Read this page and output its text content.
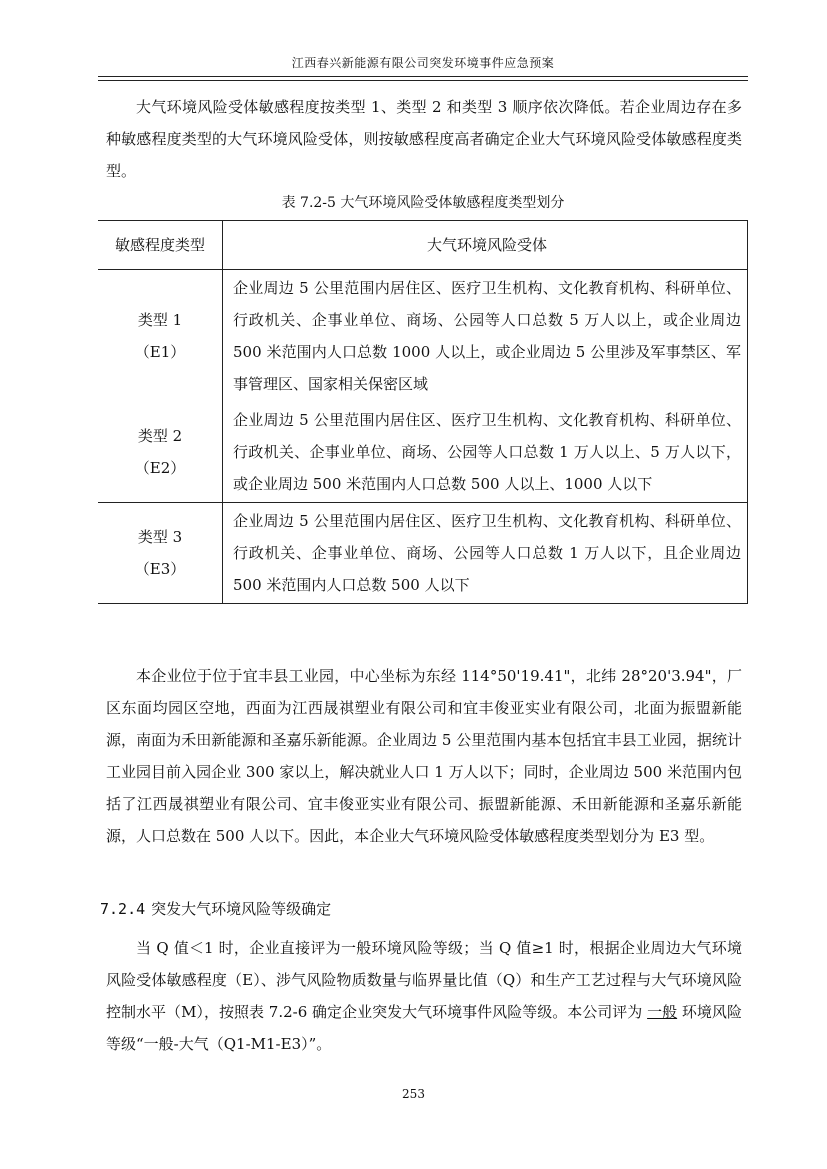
江西春兴新能源有限公司突发环境事件应急预案

大气环境风险受体敏感程度按类型 1、类型 2 和类型 3 顺序依次降低。若企业周边存在多种敏感程度类型的大气环境风险受体，则按敏感程度高者确定企业大气环境风险受体敏感程度类型。

表 7.2-5 大气环境风险受体敏感程度类型划分
敏感程度类型	大气环境风险受体

类型 1
（E1）	企业周边 5 公里范围内居住区、医疗卫生机构、文化教育机构、科研单位、行政机关、企事业单位、商场、公园等人口总数 5 万人以上，或企业周边 500 米范围内人口总数 1000 人以上，或企业周边 5 公里涉及军事禁区、军事管理区、国家相关保密区域

类型 2
（E2）	企业周边 5 公里范围内居住区、医疗卫生机构、文化教育机构、科研单位、行政机关、企事业单位、商场、公园等人口总数 1 万人以上、5 万人以下，或企业周边 500 米范围内人口总数 500 人以上、1000 人以下

类型 3
（E3）	企业周边 5 公里范围内居住区、医疗卫生机构、文化教育机构、科研单位、行政机关、企事业单位、商场、公园等人口总数 1 万人以下，且企业周边 500 米范围内人口总数 500 人以下

本企业位于位于宜丰县工业园，中心坐标为东经 114°50'19.41"，北纬 28°20'3.94"，厂区东面均园区空地，西面为江西晟祺塑业有限公司和宜丰俊亚实业有限公司，北面为振盟新能源，南面为禾田新能源和圣嘉乐新能源。企业周边 5 公里范围内基本包括宜丰县工业园，据统计工业园目前入园企业 300 家以上，解决就业人口 1 万人以下；同时，企业周边 500 米范围内包括了江西晟祺塑业有限公司、宜丰俊亚实业有限公司、振盟新能源、禾田新能源和圣嘉乐新能源，人口总数在 500 人以下。因此，本企业大气环境风险受体敏感程度类型划分为 E3 型。

7.2.4 突发大气环境风险等级确定

当 Q 值＜1 时，企业直接评为一般环境风险等级；当 Q 值≥1 时，根据企业周边大气环境风险受体敏感程度（E）、涉气风险物质数量与临界量比值（Q）和生产工艺过程与大气环境风险控制水平（M），按照表 7.2-6 确定企业突发大气环境事件风险等级。本公司评为 一般 环境风险等级“一般-大气（Q1-M1-E3）”。

253
